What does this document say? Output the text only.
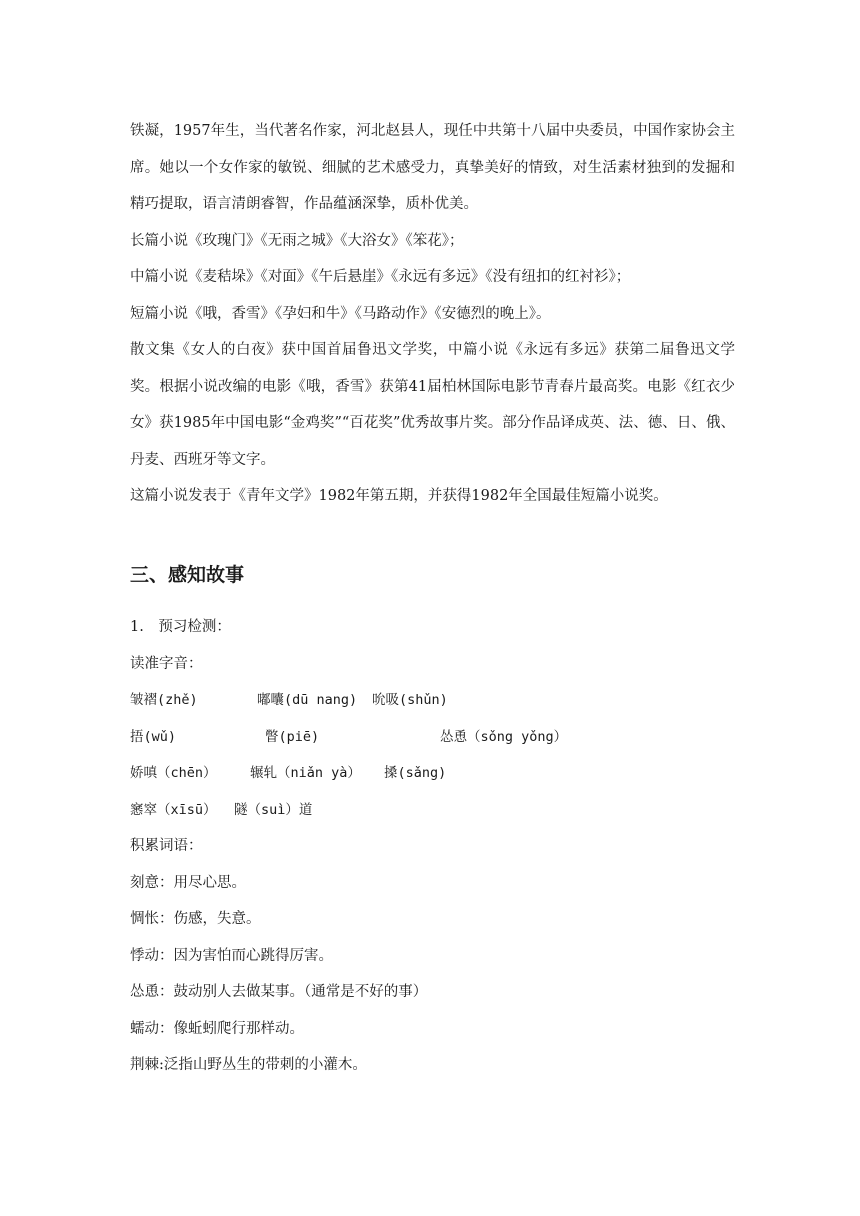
铁凝，1957年生，当代著名作家，河北赵县人，现任中共第十八届中央委员，中国作家协会主席。她以一个女作家的敏锐、细腻的艺术感受力，真挚美好的情致，对生活素材独到的发掘和精巧提取，语言清朗睿智，作品蕴涵深挚，质朴优美。

长篇小说《玫瑰门》《无雨之城》《大浴女》《笨花》；

中篇小说《麦秸垛》《对面》《午后悬崖》《永远有多远》《没有纽扣的红衬衫》；

短篇小说《哦，香雪》《孕妇和牛》《马路动作》《安德烈的晚上》。

散文集《女人的白夜》获中国首届鲁迅文学奖，中篇小说《永远有多远》获第二届鲁迅文学奖。根据小说改编的电影《哦，香雪》获第41届柏林国际电影节青春片最高奖。电影《红衣少女》获1985年中国电影“金鸡奖”“百花奖”优秀故事片奖。部分作品译成英、法、德、日、俄、丹麦、西班牙等文字。

这篇小说发表于《青年文学》1982年第五期，并获得1982年全国最佳短篇小说奖。

三、感知故事
1.　预习检测：
读准字音：
皱褶(zhě)	嘟囔(dū nang) 吮吸(shǔn)
捂(wǔ)	瞥(piē)	怂恿（sǒng yǒng）
娇嗔（chēn） 辗轧（niǎn yà） 搡(sǎng)
窸窣（xīsū） 隧（suì）道
积累词语：
刻意：用尽心思。
惆怅：伤感，失意。
悸动：因为害怕而心跳得厉害。
怂恿：鼓动别人去做某事。（通常是不好的事）
蠕动：像蚯蚓爬行那样动。
荆棘:泛指山野丛生的带刺的小灌木。
